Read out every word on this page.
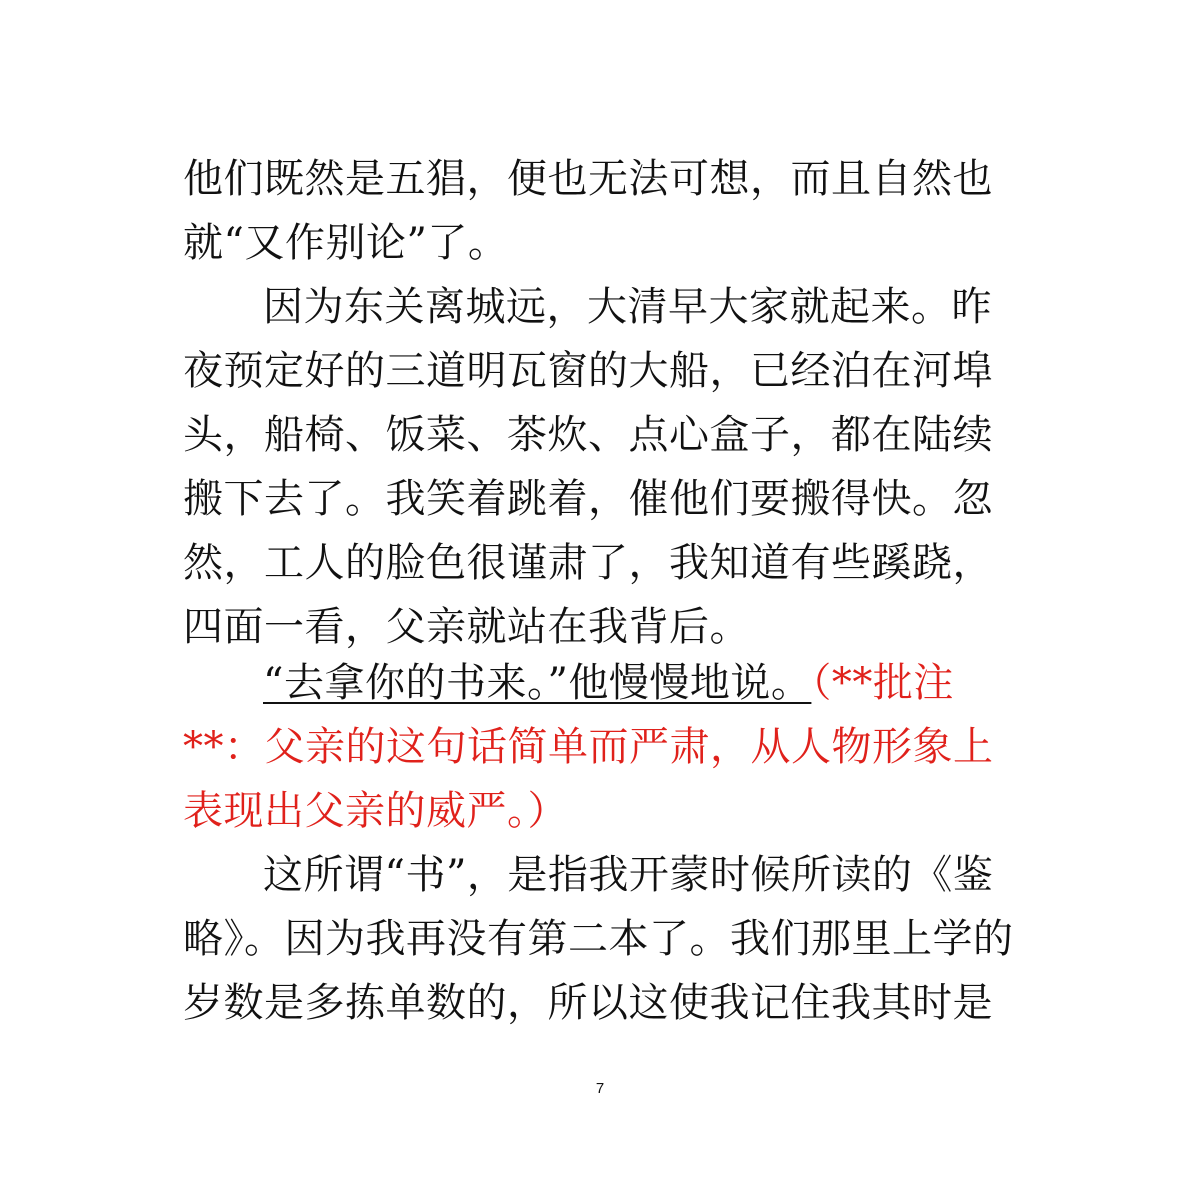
他们既然是五猖，便也无法可想，而且自然也
就“又作别论”了。
因为东关离城远，大清早大家就起来。昨
夜预定好的三道明瓦窗的大船，已经泊在河埠
头，船椅、饭菜、茶炊、点心盒子，都在陆续
搬下去了。我笑着跳着，催他们要搬得快。忽
然，工人的脸色很谨肃了，我知道有些蹊跷，
四面一看，父亲就站在我背后。
“去拿你的书来。”他慢慢地说。（**批注
**：父亲的这句话简单而严肃，从人物形象上
表现出父亲的威严。）
这所谓“书”，是指我开蒙时候所读的《鉴
略》。因为我再没有第二本了。我们那里上学的
岁数是多拣单数的，所以这使我记住我其时是
7
